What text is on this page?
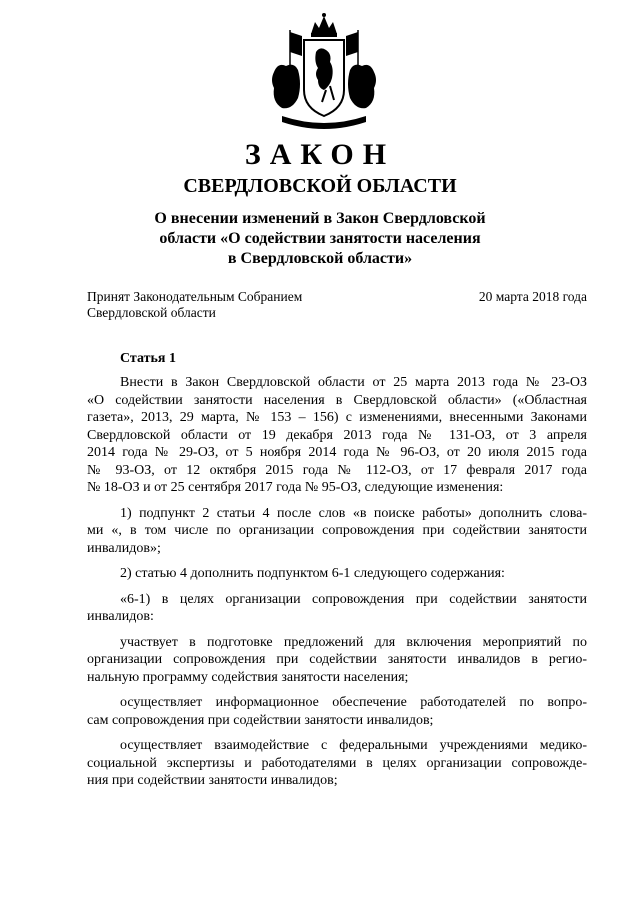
ЗАКОН
СВЕРДЛОВСКОЙ ОБЛАСТИ
О внесении изменений в Закон Свердловской
области «О содействии занятости населения
в Свердловской области»
Принят Законодательным Собранием
Свердловской области
20 марта 2018 года
Статья 1
Внести в Закон Свердловской области от 25 марта 2013 года № 23-ОЗ
«О содействии занятости населения в Свердловской области» («Областная
газета», 2013, 29 марта, № 153 – 156) с изменениями, внесенными Законами
Свердловской области от 19 декабря 2013 года № 131-ОЗ, от 3 апреля
2014 года № 29-ОЗ, от 5 ноября 2014 года № 96-ОЗ, от 20 июля 2015 года
№ 93-ОЗ, от 12 октября 2015 года № 112-ОЗ, от 17 февраля 2017 года
№ 18-ОЗ и от 25 сентября 2017 года № 95-ОЗ, следующие изменения:
1) подпункт 2 статьи 4 после слов «в поиске работы» дополнить слова-
ми «, в том числе по организации сопровождения при содействии занятости
инвалидов»;
2) статью 4 дополнить подпунктом 6-1 следующего содержания:
«6-1) в целях организации сопровождения при содействии занятости
инвалидов:
участвует в подготовке предложений для включения мероприятий по
организации сопровождения при содействии занятости инвалидов в регио-
нальную программу содействия занятости населения;
осуществляет информационное обеспечение работодателей по вопро-
сам сопровождения при содействии занятости инвалидов;
осуществляет взаимодействие с федеральными учреждениями медико-
социальной экспертизы и работодателями в целях организации сопровожде-
ния при содействии занятости инвалидов;
